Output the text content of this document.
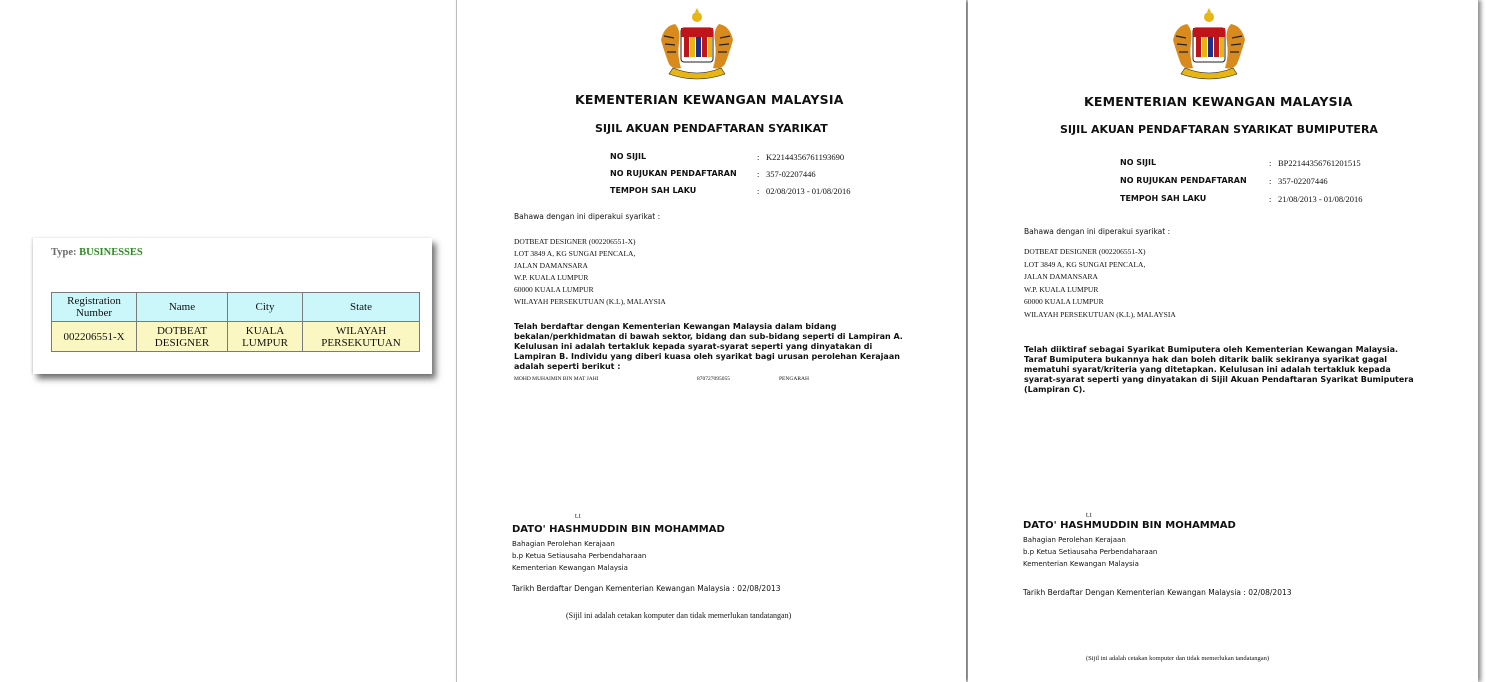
Type: BUSINESSES
Registration Number	Name	City	State
002206551-X	DOTBEAT DESIGNER	KUALA LUMPUR	WILAYAH PERSEKUTUAN
KEMENTERIAN KEWANGAN MALAYSIA
SIJIL AKUAN PENDAFTARAN SYARIKAT
NO SIJIL	: K22144356761193690
NO RUJUKAN PENDAFTARAN : 357-02207446
TEMPOH SAH LAKU	: 02/08/2013 - 01/08/2016
Bahawa dengan ini diperakui syarikat :
DOTBEAT DESIGNER (002206551-X)
LOT 3849 A, KG SUNGAI PENCALA,
JALAN DAMANSARA
W.P. KUALA LUMPUR
60000 KUALA LUMPUR
WILAYAH PERSEKUTUAN (K.L), MALAYSIA
Telah berdaftar dengan Kementerian Kewangan Malaysia dalam bidang bekalan/perkhidmatan di bawah sektor, bidang dan sub-bidang seperti di Lampiran A. Kelulusan ini adalah tertakluk kepada syarat-syarat seperti yang dinyatakan di Lampiran B. Individu yang diberi kuasa oleh syarikat bagi urusan perolehan Kerajaan adalah seperti berikut :
MOHD MUHAIMIN BIN MAT JAHI	870727095055	PENGARAH
t.t
DATO' HASHMUDDIN BIN MOHAMMAD
Bahagian Perolehan Kerajaan
b.p Ketua Setiausaha Perbendaharaan
Kementerian Kewangan Malaysia
Tarikh Berdaftar Dengan Kementerian Kewangan Malaysia : 02/08/2013
(Sijil ini adalah cetakan komputer dan tidak memerlukan tandatangan)
KEMENTERIAN KEWANGAN MALAYSIA
SIJIL AKUAN PENDAFTARAN SYARIKAT BUMIPUTERA
NO SIJIL	: BP22144356761201515
NO RUJUKAN PENDAFTARAN	: 357-02207446
TEMPOH SAH LAKU	: 21/08/2013 - 01/08/2016
Bahawa dengan ini diperakui syarikat :
DOTBEAT DESIGNER (002206551-X)
LOT 3849 A, KG SUNGAI PENCALA,
JALAN DAMANSARA
W.P. KUALA LUMPUR
60000 KUALA LUMPUR
WILAYAH PERSEKUTUAN (K.L), MALAYSIA
Telah diiktiraf sebagai Syarikat Bumiputera oleh Kementerian Kewangan Malaysia. Taraf Bumiputera bukannya hak dan boleh ditarik balik sekiranya syarikat gagal mematuhi syarat/kriteria yang ditetapkan. Kelulusan ini adalah tertakluk kepada syarat-syarat seperti yang dinyatakan di Sijil Akuan Pendaftaran Syarikat Bumiputera (Lampiran C).
t.t
DATO' HASHMUDDIN BIN MOHAMMAD
Bahagian Perolehan Kerajaan
b.p Ketua Setiausaha Perbendaharaan
Kementerian Kewangan Malaysia
Tarikh Berdaftar Dengan Kementerian Kewangan Malaysia : 02/08/2013
(Sijil ini adalah cetakan komputer dan tidak memerlukan tandatangan)
